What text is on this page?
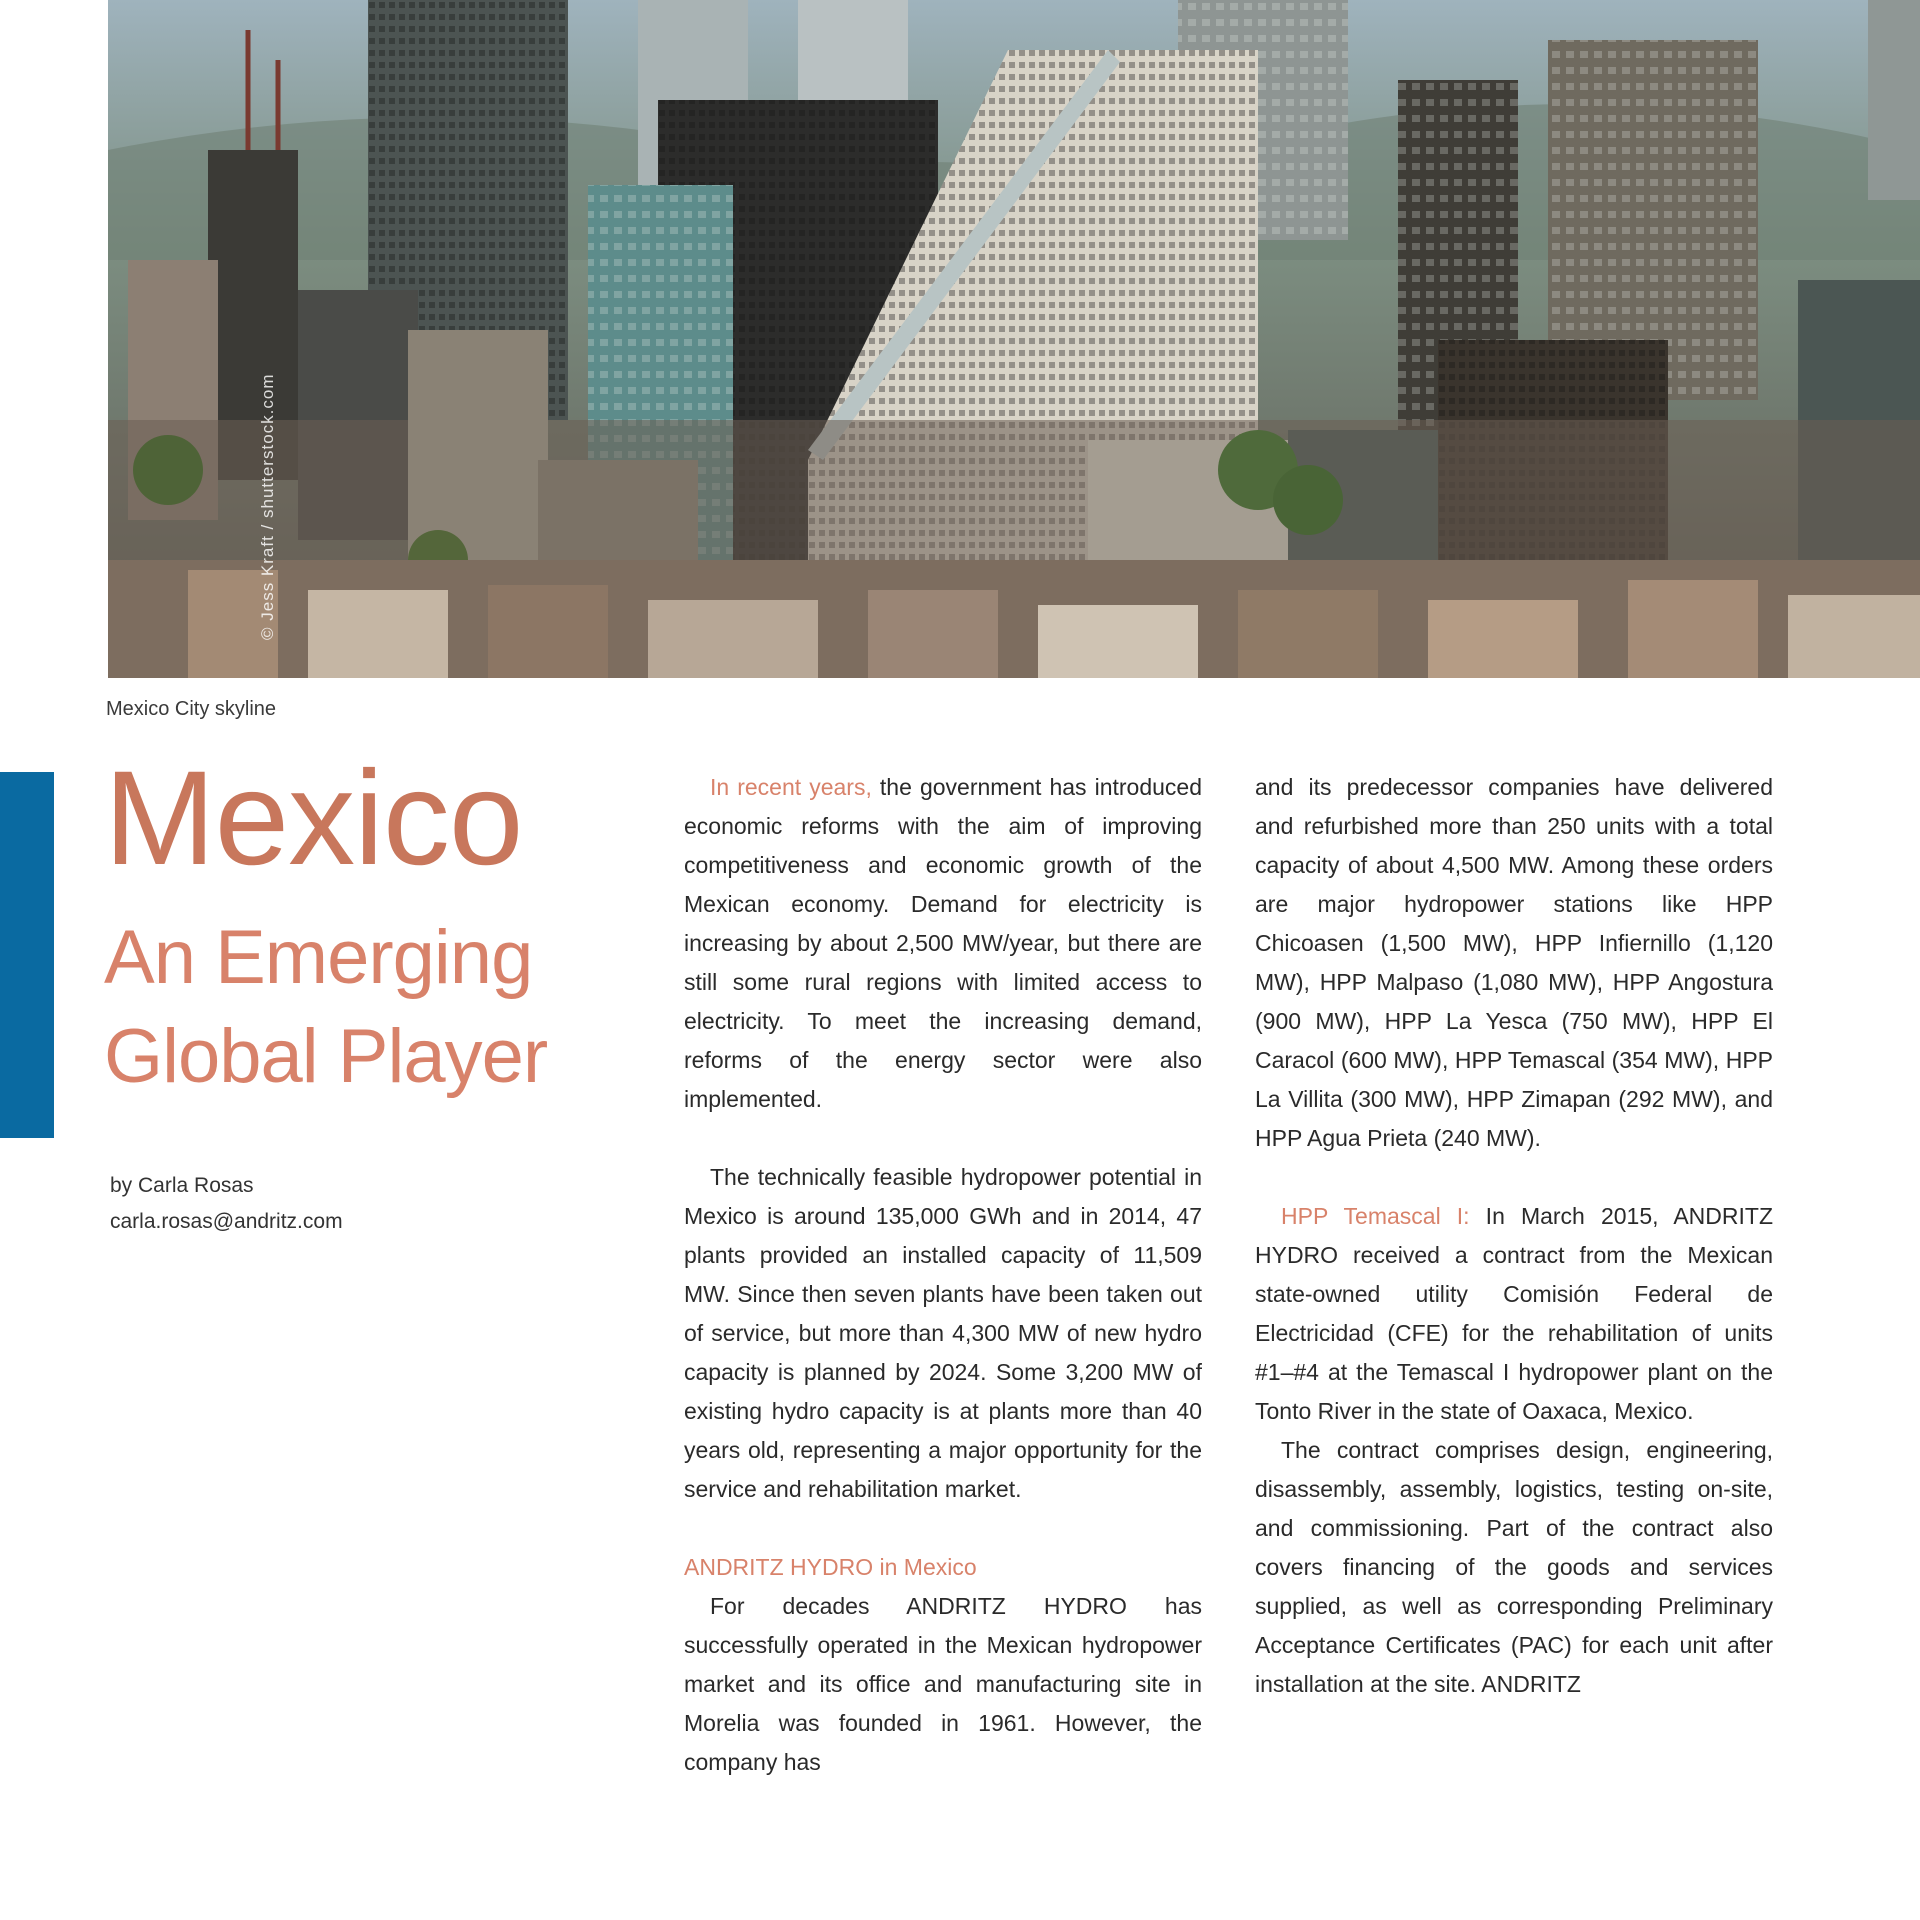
© Jess Kraft / shutterstock.com
Mexico City skyline
Mexico
An Emerging
Global Player
by Carla Rosas
carla.rosas@andritz.com

In recent years, the government has introduced economic reforms with the aim of improving competitiveness and economic growth of the Mexican economy. Demand for electricity is increasing by about 2,500 MW/year, but there are still some rural regions with limited access to electricity. To meet the increasing demand, reforms of the energy sector were also implemented.

The technically feasible hydropower potential in Mexico is around 135,000 GWh and in 2014, 47 plants provided an installed capacity of 11,509 MW. Since then seven plants have been taken out of service, but more than 4,300 MW of new hydro capacity is planned by 2024. Some 3,200 MW of existing hydro capacity is at plants more than 40 years old, representing a major opportunity for the service and rehabilitation market.

ANDRITZ HYDRO in Mexico

For decades ANDRITZ HYDRO has successfully operated in the Mexican hydropower market and its office and manufacturing site in Morelia was founded in 1961. However, the company has

and its predecessor companies have delivered and refurbished more than 250 units with a total capacity of about 4,500 MW. Among these orders are major hydropower stations like HPP Chicoasen (1,500 MW), HPP Infiernillo (1,120 MW), HPP Malpaso (1,080 MW), HPP Angostura (900 MW), HPP La Yesca (750 MW), HPP El Caracol (600 MW), HPP Temascal (354 MW), HPP La Villita (300 MW), HPP Zimapan (292 MW), and HPP Agua Prieta (240 MW).

HPP Temascal I: In March 2015, ANDRITZ HYDRO received a contract from the Mexican state-owned utility Comisión Federal de Electricidad (CFE) for the rehabilitation of units #1–#4 at the Temascal I hydropower plant on the Tonto River in the state of Oaxaca, Mexico.

The contract comprises design, engineering, disassembly, assembly, logistics, testing on-site, and commissioning. Part of the contract also covers financing of the goods and services supplied, as well as corresponding Preliminary Acceptance Certificates (PAC) for each unit after installation at the site. ANDRITZ
